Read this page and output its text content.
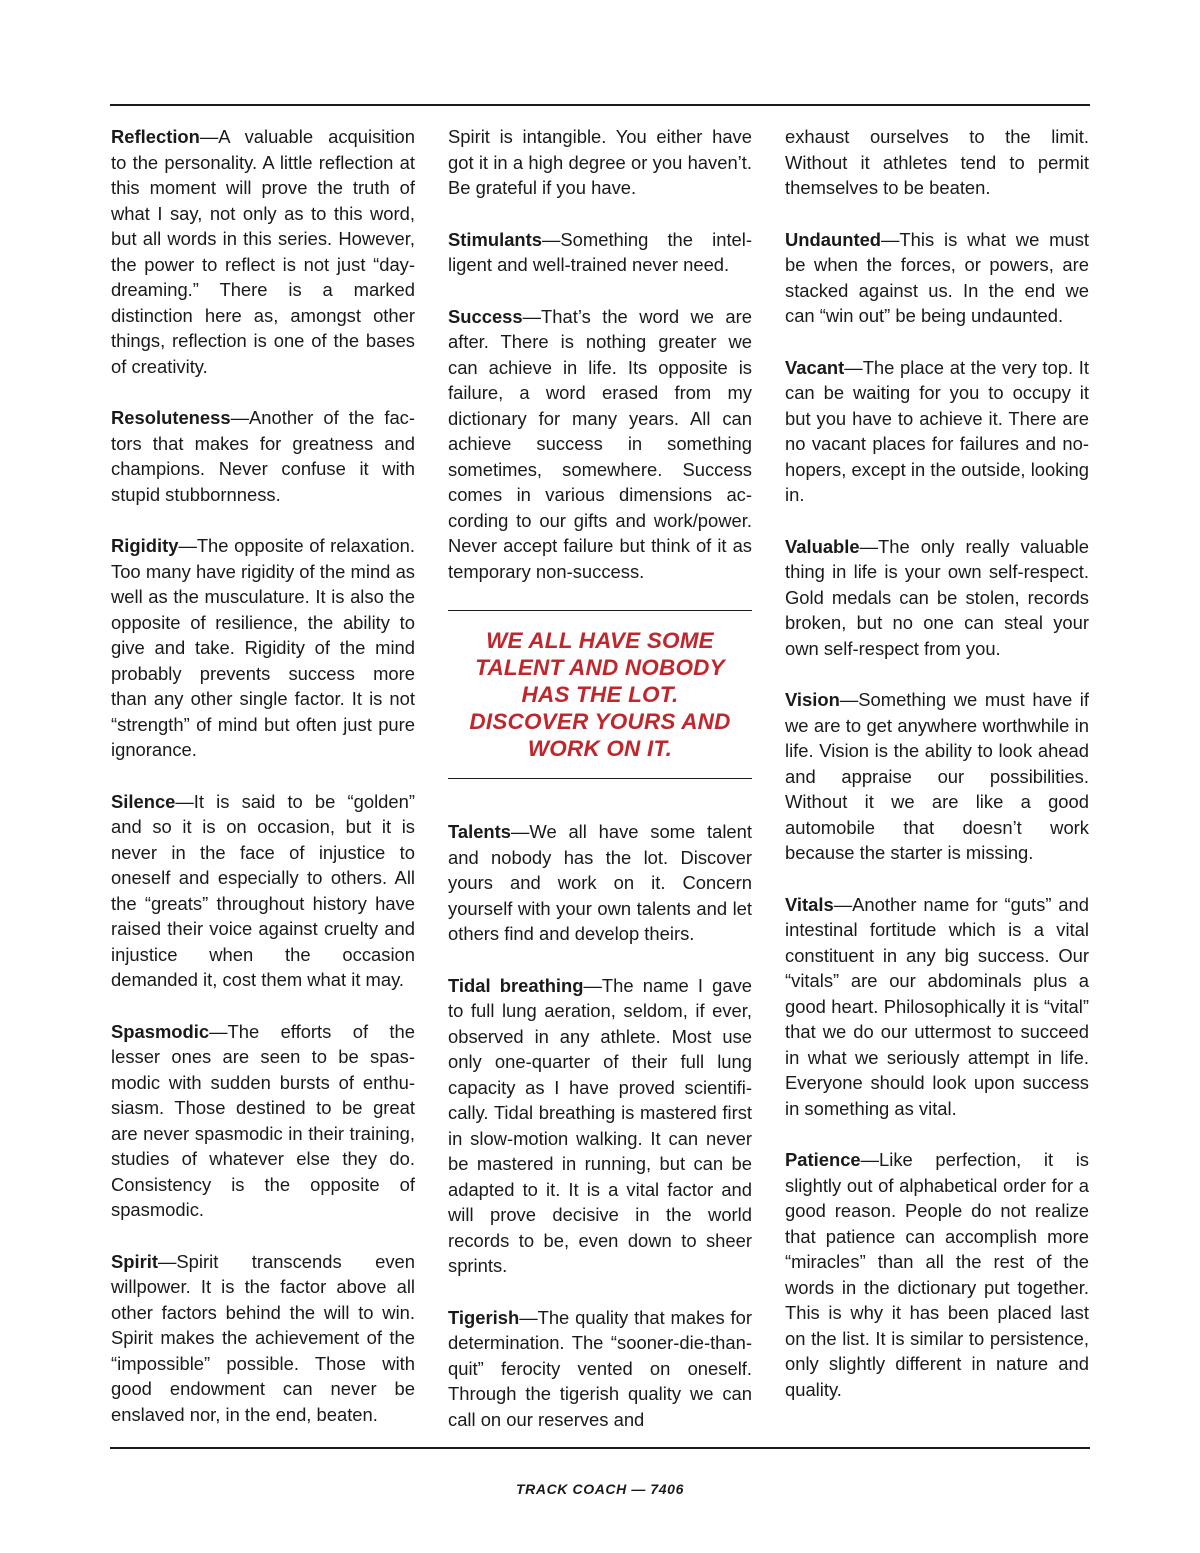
Reflection—A valuable acquisition to the personality. A little reflection at this moment will prove the truth of what I say, not only as to this word, but all words in this series. However, the power to reflect is not just “day-dreaming.” There is a marked distinction here as, amongst other things, reflection is one of the bases of creativity.

Resoluteness—Another of the factors that makes for greatness and champions. Never confuse it with stupid stubbornness.

Rigidity—The opposite of relaxation. Too many have rigidity of the mind as well as the musculature. It is also the opposite of resilience, the ability to give and take. Rigidity of the mind probably prevents success more than any other single factor. It is not “strength” of mind but often just pure ignorance.

Silence—It is said to be “golden” and so it is on occasion, but it is never in the face of injustice to oneself and especially to others. All the “greats” throughout history have raised their voice against cruelty and injustice when the occasion demanded it, cost them what it may.

Spasmodic—The efforts of the lesser ones are seen to be spasmodic with sudden bursts of enthusiasm. Those destined to be great are never spasmodic in their training, studies of whatever else they do. Consistency is the opposite of spasmodic.

Spirit—Spirit transcends even willpower. It is the factor above all other factors behind the will to win. Spirit makes the achievement of the “impossible” possible. Those with good endowment can never be enslaved nor, in the end, beaten.

Spirit is intangible. You either have got it in a high degree or you haven’t. Be grateful if you have.

Stimulants—Something the intelligent and well-trained never need.

Success—That’s the word we are after. There is nothing greater we can achieve in life. Its opposite is failure, a word erased from my dictionary for many years. All can achieve success in something sometimes, somewhere. Success comes in various dimensions according to our gifts and work/power. Never accept failure but think of it as temporary non-success.

WE ALL HAVE SOME
TALENT AND NOBODY
HAS THE LOT.
DISCOVER YOURS AND
WORK ON IT.

Talents—We all have some talent and nobody has the lot. Discover yours and work on it. Concern yourself with your own talents and let others find and develop theirs.

Tidal breathing—The name I gave to full lung aeration, seldom, if ever, observed in any athlete. Most use only one-quarter of their full lung capacity as I have proved scientifically. Tidal breathing is mastered first in slow-motion walking. It can never be mastered in running, but can be adapted to it. It is a vital factor and will prove decisive in the world records to be, even down to sheer sprints.

Tigerish—The quality that makes for determination. The “sooner-die-than-quit” ferocity vented on oneself. Through the tigerish quality we can call on our reserves and

exhaust ourselves to the limit. Without it athletes tend to permit themselves to be beaten.

Undaunted—This is what we must be when the forces, or powers, are stacked against us. In the end we can “win out” be being undaunted.

Vacant—The place at the very top. It can be waiting for you to occupy it but you have to achieve it. There are no vacant places for failures and no-hopers, except in the outside, looking in.

Valuable—The only really valuable thing in life is your own self-respect. Gold medals can be stolen, records broken, but no one can steal your own self-respect from you.

Vision—Something we must have if we are to get anywhere worthwhile in life. Vision is the ability to look ahead and appraise our possibilities. Without it we are like a good automobile that doesn’t work because the starter is missing.

Vitals—Another name for “guts” and intestinal fortitude which is a vital constituent in any big success. Our “vitals” are our abdominals plus a good heart. Philosophically it is “vital” that we do our uttermost to succeed in what we seriously attempt in life. Everyone should look upon success in something as vital.

Patience—Like perfection, it is slightly out of alphabetical order for a good reason. People do not realize that patience can accomplish more “miracles” than all the rest of the words in the dictionary put together. This is why it has been placed last on the list. It is similar to persistence, only slightly different in nature and quality.

TRACK COACH — 7406
